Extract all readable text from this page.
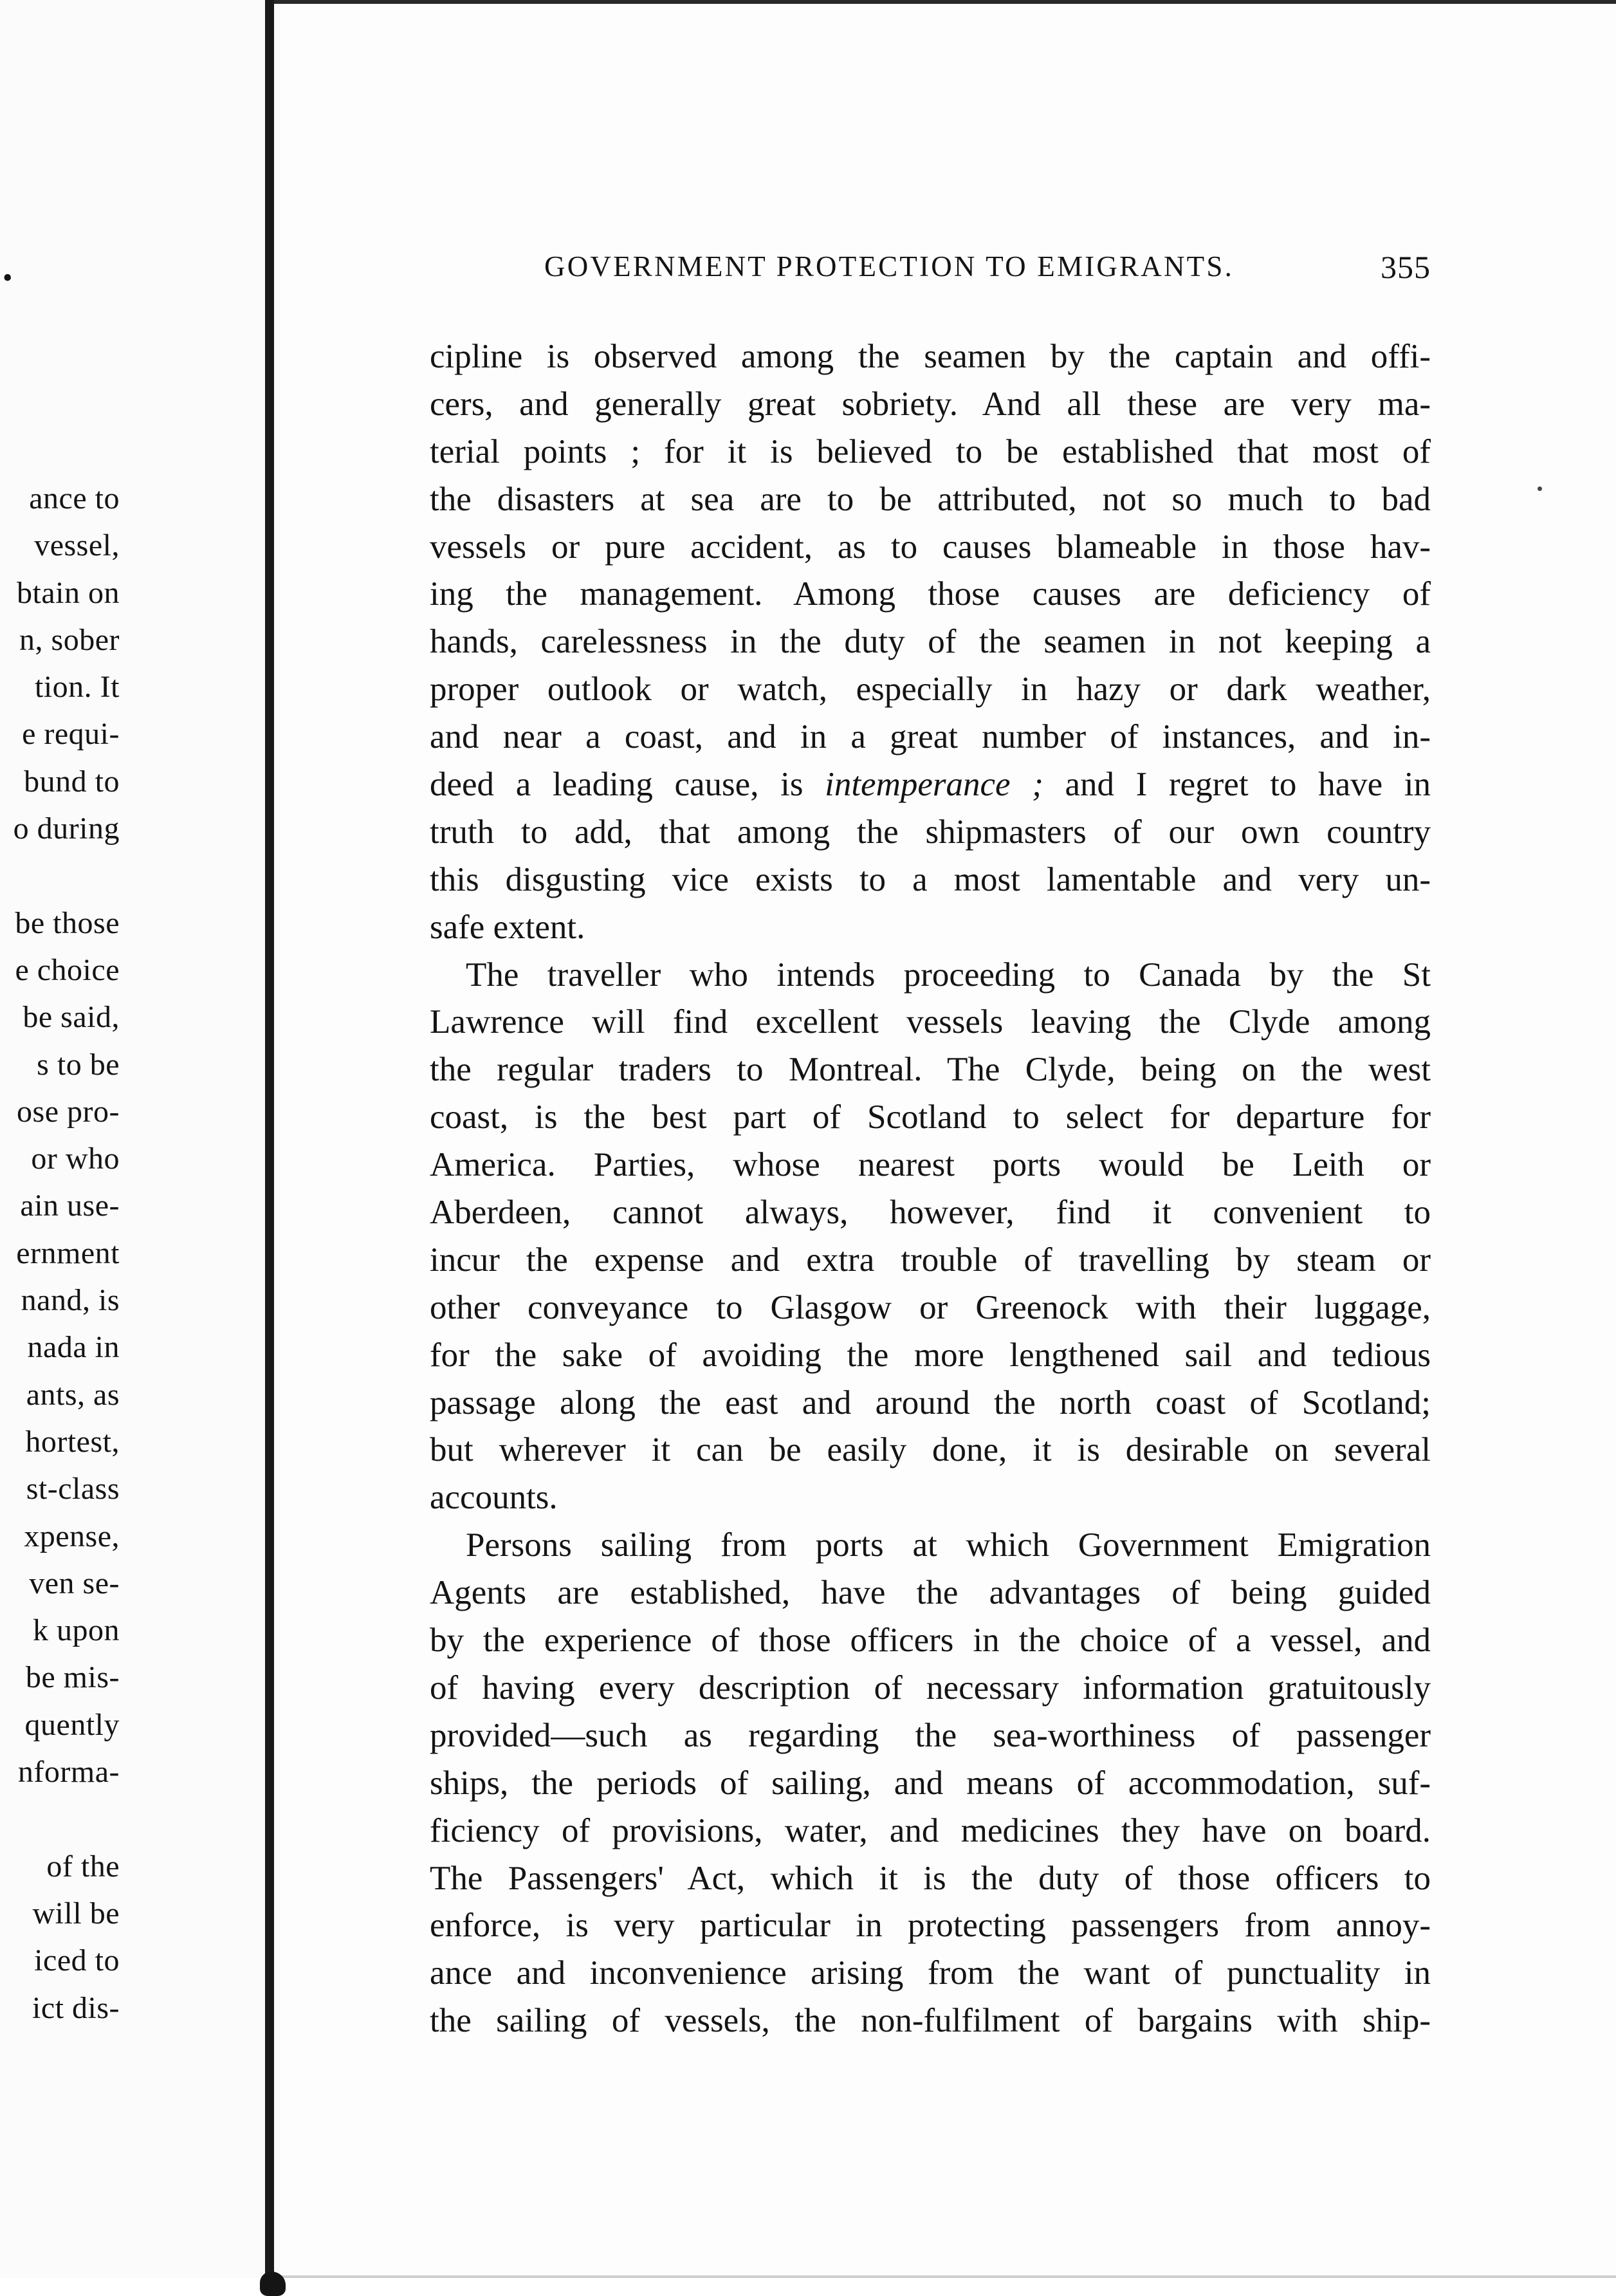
•
ance to
vessel,
btain on
n, sober
tion. It
e requi-
bund to
o during
be those
e choice
be said,
s to be
ose pro-
or who
ain use-
ernment
nand, is
nada in
ants, as
hortest,
st-class
xpense,
ven se-
k upon
be mis-
quently
nforma-
of the
will be
iced to
ict dis-
GOVERNMENT PROTECTION TO EMIGRANTS.	355
cipline is observed among the seamen by the captain and offi-
cers, and generally great sobriety. And all these are very ma-
terial points ; for it is believed to be established that most of
the disasters at sea are to be attributed, not so much to bad
vessels or pure accident, as to causes blameable in those hav-
ing the management. Among those causes are deficiency of
hands, carelessness in the duty of the seamen in not keeping a
proper outlook or watch, especially in hazy or dark weather,
and near a coast, and in a great number of instances, and in-
deed a leading cause, is intemperance ; and I regret to have in
truth to add, that among the shipmasters of our own country
this disgusting vice exists to a most lamentable and very un-
safe extent.
The traveller who intends proceeding to Canada by the St
Lawrence will find excellent vessels leaving the Clyde among
the regular traders to Montreal. The Clyde, being on the west
coast, is the best part of Scotland to select for departure for
America. Parties, whose nearest ports would be Leith or
Aberdeen, cannot always, however, find it convenient to
incur the expense and extra trouble of travelling by steam or
other conveyance to Glasgow or Greenock with their luggage,
for the sake of avoiding the more lengthened sail and tedious
passage along the east and around the north coast of Scotland;
but wherever it can be easily done, it is desirable on several
accounts.
Persons sailing from ports at which Government Emigration
Agents are established, have the advantages of being guided
by the experience of those officers in the choice of a vessel, and
of having every description of necessary information gratuitously
provided—such as regarding the sea-worthiness of passenger
ships, the periods of sailing, and means of accommodation, suf-
ficiency of provisions, water, and medicines they have on board.
The Passengers' Act, which it is the duty of those officers to
enforce, is very particular in protecting passengers from annoy-
ance and inconvenience arising from the want of punctuality in
the sailing of vessels, the non-fulfilment of bargains with ship-
